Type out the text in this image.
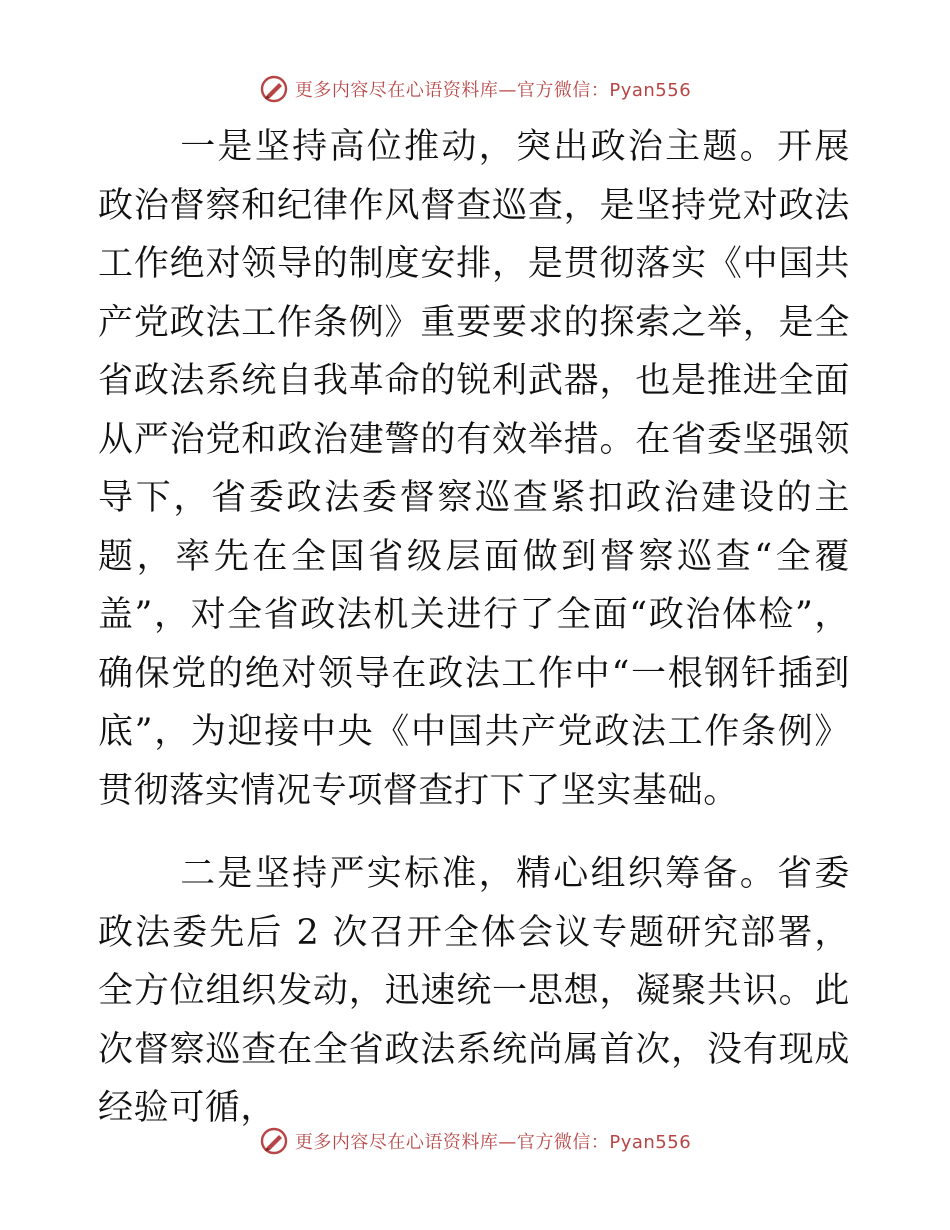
更多内容尽在心语资料库—官方微信：Pyan556

一是坚持高位推动，突出政治主题。开展政治督察和纪律作风督查巡查，是坚持党对政法工作绝对领导的制度安排，是贯彻落实《中国共产党政法工作条例》重要要求的探索之举，是全省政法系统自我革命的锐利武器，也是推进全面从严治党和政治建警的有效举措。在省委坚强领导下，省委政法委督察巡查紧扣政治建设的主题，率先在全国省级层面做到督察巡查“全覆盖”，对全省政法机关进行了全面“政治体检”，确保党的绝对领导在政法工作中“一根钢钎插到底”，为迎接中央《中国共产党政法工作条例》贯彻落实情况专项督查打下了坚实基础。

二是坚持严实标准，精心组织筹备。省委政法委先后 2 次召开全体会议专题研究部署，全方位组织发动，迅速统一思想，凝聚共识。此次督察巡查在全省政法系统尚属首次，没有现成经验可循，

更多内容尽在心语资料库—官方微信：Pyan556
